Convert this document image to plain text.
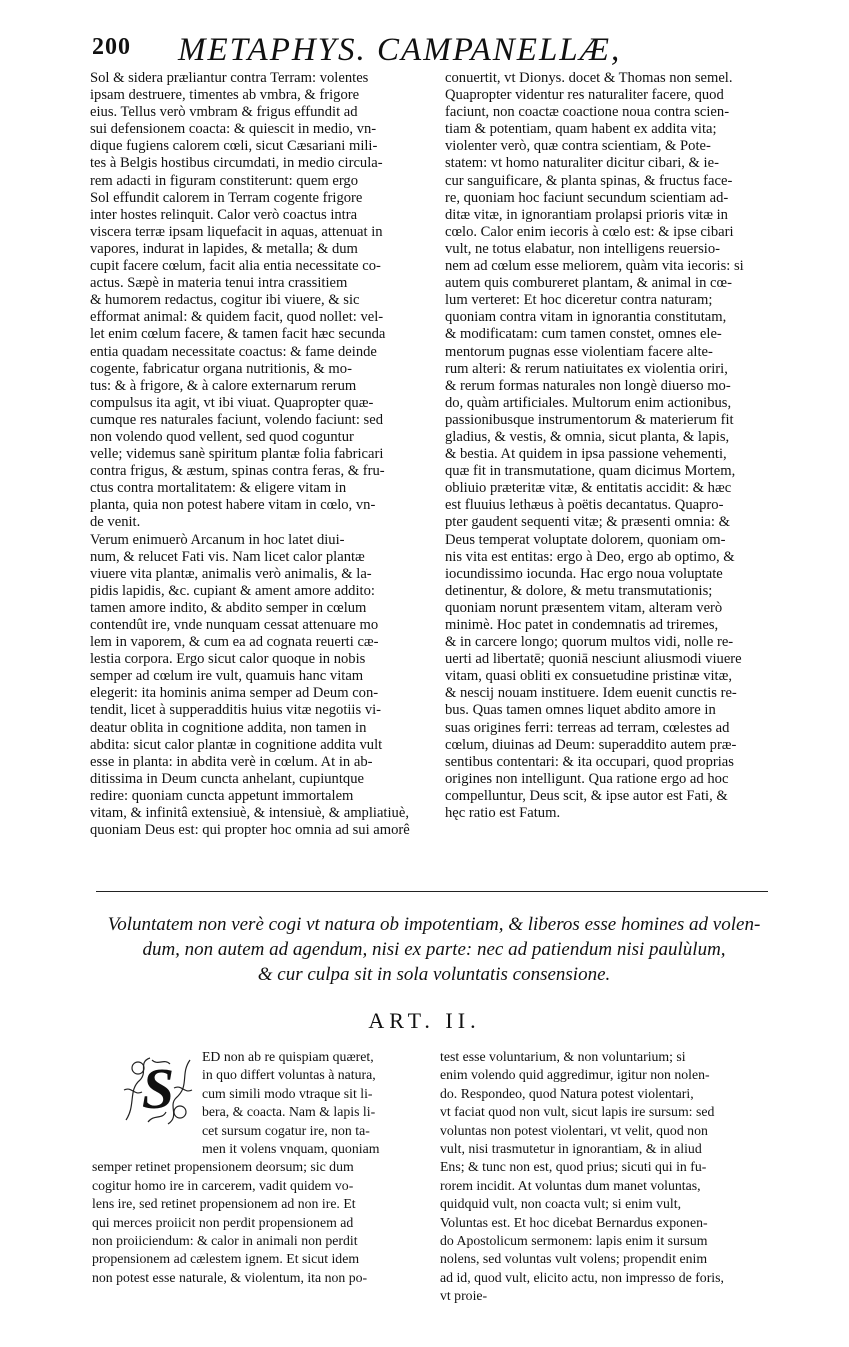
200 METAPHYS. CAMPANELLÆ,
Sol & sidera præliantur contra Terram: volentes
ipsam destruere, timentes ab vmbra, & frigore
eius. Tellus verò vmbram & frigus effundit ad
sui defensionem coacta: & quiescit in medio, vn-
dique fugiens calorem cœli, sicut Cæsariani mili-
tes à Belgis hostibus circumdati, in medio circula-
rem adacti in figuram constiterunt: quem ergo
Sol effundit calorem in Terram cogente frigore
inter hostes relinquit. Calor verò coactus intra
viscera terræ ipsam liquefacit in aquas, attenuat in
vapores, indurat in lapides, & metalla; & dum
cupit facere cœlum, facit alia entia necessitate co-
actus. Sæpè in materia tenui intra crassitiem
& humorem redactus, cogitur ibi viuere, & sic
efformat animal: & quidem facit, quod nollet: vel-
let enim cœlum facere, & tamen facit hæc secunda
entia quadam necessitate coactus: & fame deinde
cogente, fabricatur organa nutritionis, & mo-
tus: & à frigore, & à calore externarum rerum
compulsus ita agit, vt ibi viuat. Quapropter quæ-
cumque res naturales faciunt, volendo faciunt: sed
non volendo quod vellent, sed quod coguntur
velle; videmus sanè spiritum plantæ folia fabricari
contra frigus, & æstum, spinas contra feras, & fru-
ctus contra mortalitatem: & eligere vitam in
planta, quia non potest habere vitam in cœlo, vn-
de venit.
Verum enimuerò Arcanum in hoc latet diui-
num, & relucet Fati vis. Nam licet calor plantæ
viuere vita plantæ, animalis verò animalis, & la-
pidis lapidis, &c. cupiant & ament amore addito:
tamen amore indito, & abdito semper in cœlum
contendût ire, vnde nunquam cessat attenuare mo
lem in vaporem, & cum ea ad cognata reuerti cæ-
lestia corpora. Ergo sicut calor quoque in nobis
semper ad cœlum ire vult, quamuis hanc vitam
elegerit: ita hominis anima semper ad Deum con-
tendit, licet à supperadditis huius vitæ negotiis vi-
deatur oblita in cognitione addita, non tamen in
abdita: sicut calor plantæ in cognitione addita vult
esse in planta: in abdita verè in cœlum. At in ab-
ditissima in Deum cuncta anhelant, cupiuntque
redire: quoniam cuncta appetunt immortalem
vitam, & infinitâ extensiuè, & intensiuè, & ampliatiuè,
quoniam Deus est: qui propter hoc omnia ad sui amorê
conuertit, vt Dionys. docet & Thomas non semel.
Quapropter videntur res naturaliter facere, quod
faciunt, non coactæ coactione noua contra scien-
tiam & potentiam, quam habent ex addita vita;
violenter verò, quæ contra scientiam, & Pote-
statem: vt homo naturaliter dicitur cibari, & ie-
cur sanguificare, & planta spinas, & fructus face-
re, quoniam hoc faciunt secundum scientiam ad-
ditæ vitæ, in ignorantiam prolapsi prioris vitæ in
cœlo. Calor enim iecoris à cœlo est: & ipse cibari
vult, ne totus elabatur, non intelligens reuersio-
nem ad cœlum esse meliorem, quàm vita iecoris: si
autem quis combureret plantam, & animal in cœ-
lum verteret: Et hoc diceretur contra naturam;
quoniam contra vitam in ignorantia constitutam,
& modificatam: cum tamen constet, omnes ele-
mentorum pugnas esse violentiam facere alte-
rum alteri: & rerum natiuitates ex violentia oriri,
& rerum formas naturales non longè diuerso mo-
do, quàm artificiales. Multorum enim actionibus,
passionibusque instrumentorum & materierum fit
gladius, & vestis, & omnia, sicut planta, & lapis,
& bestia. At quidem in ipsa passione vehementi,
quæ fit in transmutatione, quam dicimus Mortem,
obliuio præteritæ vitæ, & entitatis accidit: & hæc
est fluuius lethæus à poëtis decantatus. Quapro-
pter gaudent sequenti vitæ; & præsenti omnia: &
Deus temperat voluptate dolorem, quoniam om-
nis vita est entitas: ergo à Deo, ergo ab optimo, &
iocundissimo iocunda. Hac ergo noua voluptate
detinentur, & dolore, & metu transmutationis;
quoniam norunt præsentem vitam, alteram verò
minimè. Hoc patet in condemnatis ad triremes,
& in carcere longo; quorum multos vidi, nolle re-
uerti ad libertatē; quoniā nesciunt aliusmodi viuere
vitam, quasi obliti ex consuetudine pristinæ vitæ,
& nescij nouam instituere. Idem euenit cunctis re-
bus. Quas tamen omnes liquet abdito amore in
suas origines ferri: terreas ad terram, cœlestes ad
cœlum, diuinas ad Deum: superaddito autem præ-
sentibus contentari: & ita occupari, quod proprias
origines non intelligunt. Qua ratione ergo ad hoc
compelluntur, Deus scit, & ipse autor est Fati, &
hęc ratio est Fatum.
Voluntatem non verè cogi vt natura ob impotentiam, & liberos esse homines ad volen-
dum, non autem ad agendum, nisi ex parte: nec ad patiendum nisi paulùlum,
& cur culpa sit in sola voluntatis consensione.
ART. II.
S	ED non ab re quispiam quæret,
in quo differt voluntas à natura,
cum simili modo vtraque sit li-
bera, & coacta. Nam & lapis li-
cet sursum cogatur ire, non ta-
men it volens vnquam, quoniam
semper retinet propensionem deorsum; sic dum
cogitur homo ire in carcerem, vadit quidem vo-
lens ire, sed retinet propensionem ad non ire. Et
qui merces proiicit non perdit propensionem ad
non proiiciendum: & calor in animali non perdit
propensionem ad cælestem ignem. Et sicut idem
non potest esse naturale, & violentum, ita non po-
test esse voluntarium, & non voluntarium; si
enim volendo quid aggredimur, igitur non nolen-
do. Respondeo, quod Natura potest violentari,
vt faciat quod non vult, sicut lapis ire sursum: sed
voluntas non potest violentari, vt velit, quod non
vult, nisi trasmutetur in ignorantiam, & in aliud
Ens; & tunc non est, quod prius; sicuti qui in fu-
rorem incidit. At voluntas dum manet voluntas,
quidquid vult, non coacta vult; si enim vult,
Voluntas est. Et hoc dicebat Bernardus exponen-
do Apostolicum sermonem: lapis enim it sursum
nolens, sed voluntas vult volens; propendit enim
ad id, quod vult, elicito actu, non impresso de foris,
vt proie-
